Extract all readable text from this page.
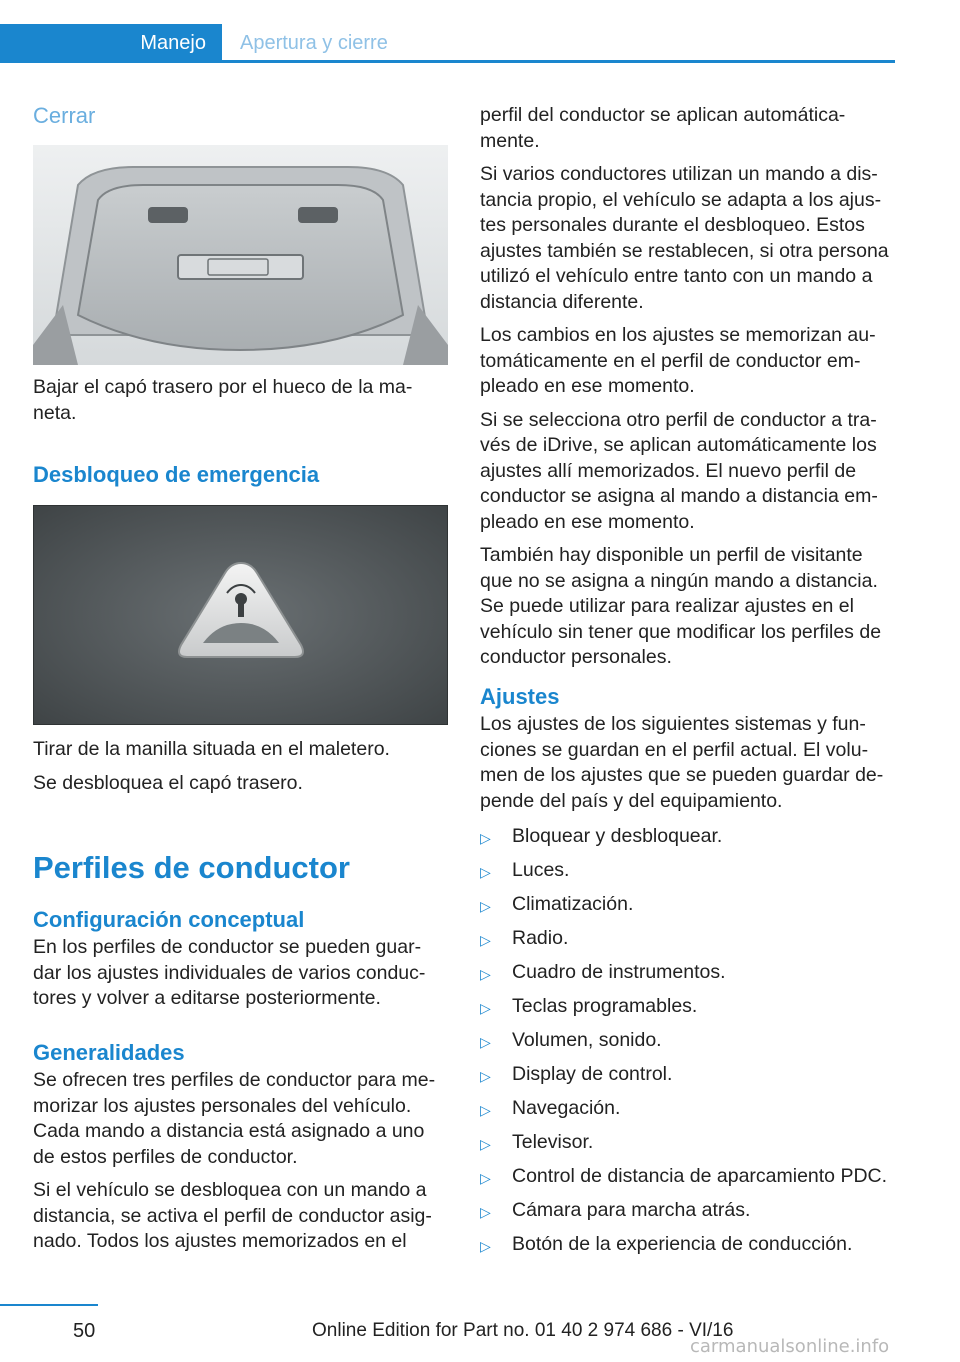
Manejo Apertura y cierre

Cerrar

Bajar el capó trasero por el hueco de la ma‐ neta.

Desbloqueo de emergencia

Tirar de la manilla situada en el maletero.

Se desbloquea el capó trasero.

Perfiles de conductor

Configuración conceptual

En los perfiles de conductor se pueden guar‐ dar los ajustes individuales de varios conduc‐ tores y volver a editarse posteriormente.

Generalidades

Se ofrecen tres perfiles de conductor para me‐ morizar los ajustes personales del vehículo. Cada mando a distancia está asignado a uno de estos perfiles de conductor.

Si el vehículo se desbloquea con un mando a distancia, se activa el perfil de conductor asig‐ nado. Todos los ajustes memorizados en el

perfil del conductor se aplican automática‐ mente.

Si varios conductores utilizan un mando a dis‐ tancia propio, el vehículo se adapta a los ajus‐ tes personales durante el desbloqueo. Estos ajustes también se restablecen, si otra persona utilizó el vehículo entre tanto con un mando a distancia diferente.

Los cambios en los ajustes se memorizan au‐ tomáticamente en el perfil de conductor em‐ pleado en ese momento.

Si se selecciona otro perfil de conductor a tra‐ vés de iDrive, se aplican automáticamente los ajustes allí memorizados. El nuevo perfil de conductor se asigna al mando a distancia em‐ pleado en ese momento.

También hay disponible un perfil de visitante que no se asigna a ningún mando a distancia. Se puede utilizar para realizar ajustes en el vehículo sin tener que modificar los perfiles de conductor personales.

Ajustes

Los ajustes de los siguientes sistemas y fun‐ ciones se guardan en el perfil actual. El volu‐ men de los ajustes que se pueden guardar de‐ pende del país y del equipamiento.

▷	Bloquear y desbloquear.
▷	Luces.
▷	Climatización.
▷	Radio.
▷	Cuadro de instrumentos.
▷	Teclas programables.
▷	Volumen, sonido.
▷	Display de control.
▷	Navegación.
▷	Televisor.
▷	Control de distancia de aparcamiento PDC.
▷	Cámara para marcha atrás.
▷	Botón de la experiencia de conducción.
50	Online Edition for Part no. 01 40 2 974 686 - VI/16
carmanualsonline.info
